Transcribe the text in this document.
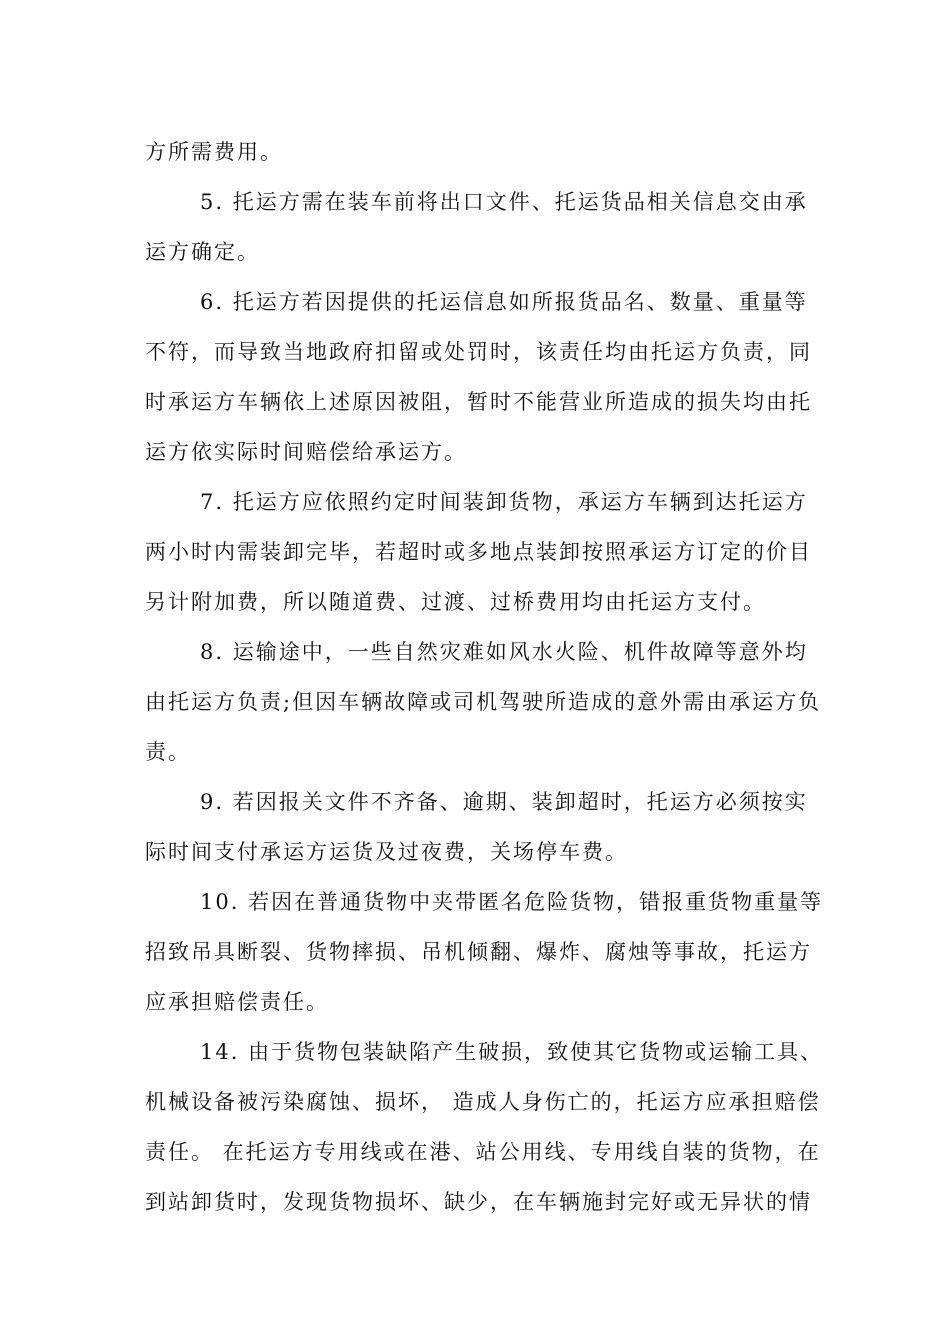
方所需费用。
5. 托运方需在装车前将出口文件、托运货品相关信息交由承
运方确定。
6. 托运方若因提供的托运信息如所报货品名、数量、重量等
不符，而导致当地政府扣留或处罚时，该责任均由托运方负责，同
时承运方车辆依上述原因被阻，暂时不能营业所造成的损失均由托
运方依实际时间赔偿给承运方。
7. 托运方应依照约定时间装卸货物，承运方车辆到达托运方
两小时内需装卸完毕，若超时或多地点装卸按照承运方订定的价目
另计附加费，所以随道费、过渡、过桥费用均由托运方支付。
8. 运输途中，一些自然灾难如风水火险、机件故障等意外均
由托运方负责;但因车辆故障或司机驾驶所造成的意外需由承运方负
责。
9. 若因报关文件不齐备、逾期、装卸超时，托运方必须按实
际时间支付承运方运货及过夜费，关场停车费。
10. 若因在普通货物中夹带匿名危险货物，错报重货物重量等
招致吊具断裂、货物摔损、吊机倾翻、爆炸、腐烛等事故，托运方
应承担赔偿责任。
14. 由于货物包装缺陷产生破损，致使其它货物或运输工具、
机械设备被污染腐蚀、损坏， 造成人身伤亡的，托运方应承担赔偿
责任。 在托运方专用线或在港、站公用线、专用线自装的货物，在
到站卸货时，发现货物损坏、缺少，在车辆施封完好或无异状的情
